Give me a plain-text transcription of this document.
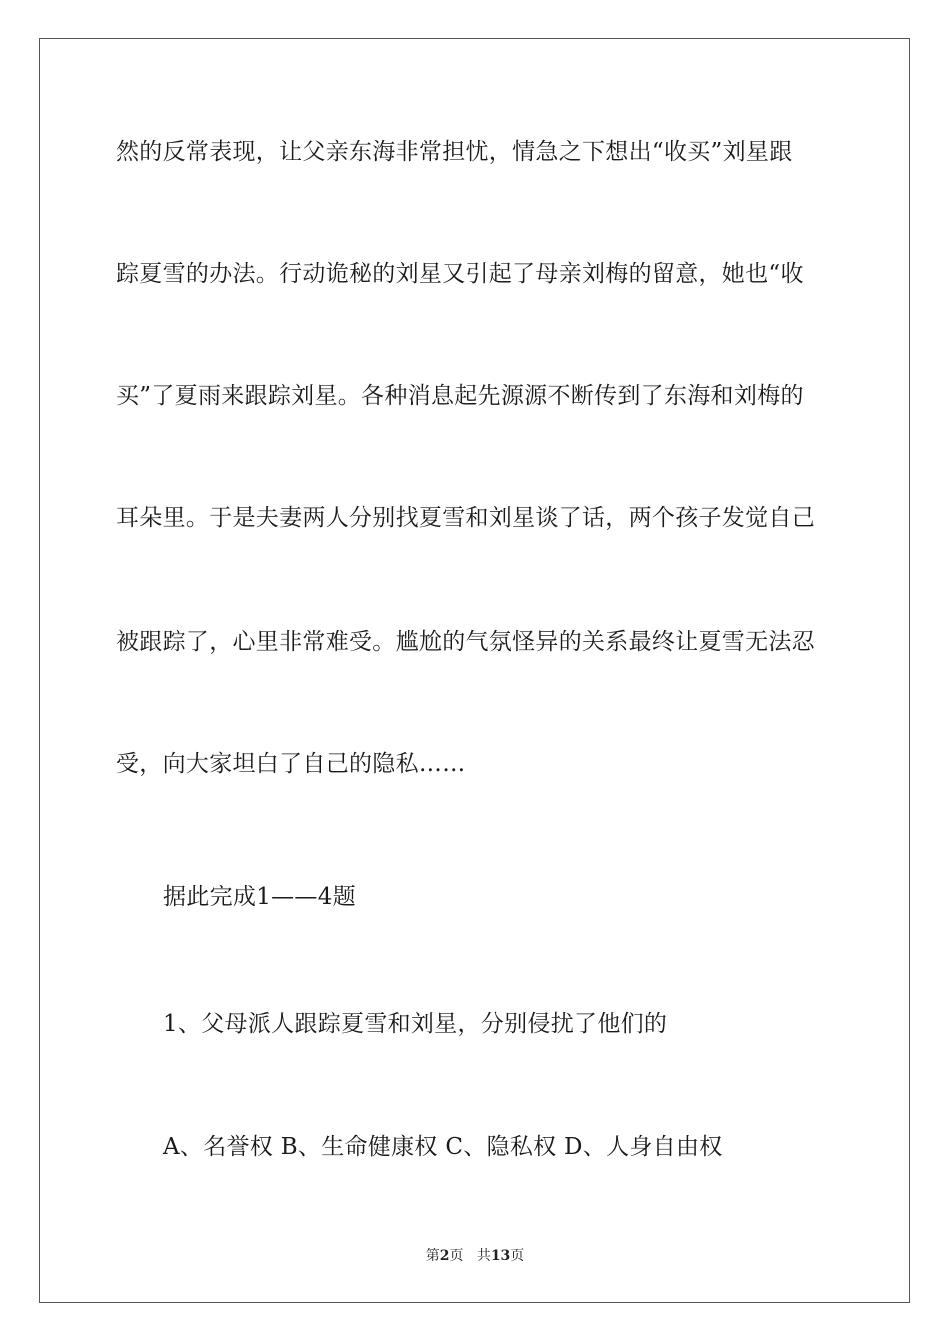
然的反常表现，让父亲东海非常担忧，情急之下想出“收买”刘星跟
踪夏雪的办法。行动诡秘的刘星又引起了母亲刘梅的留意，她也“收
买”了夏雨来跟踪刘星。各种消息起先源源不断传到了东海和刘梅的
耳朵里。于是夫妻两人分别找夏雪和刘星谈了话，两个孩子发觉自己
被跟踪了，心里非常难受。尴尬的气氛怪异的关系最终让夏雪无法忍
受，向大家坦白了自己的隐私……
据此完成1——4题
1、父母派人跟踪夏雪和刘星，分别侵扰了他们的
A、名誉权 B、生命健康权 C、隐私权 D、人身自由权
第2页 共13页
